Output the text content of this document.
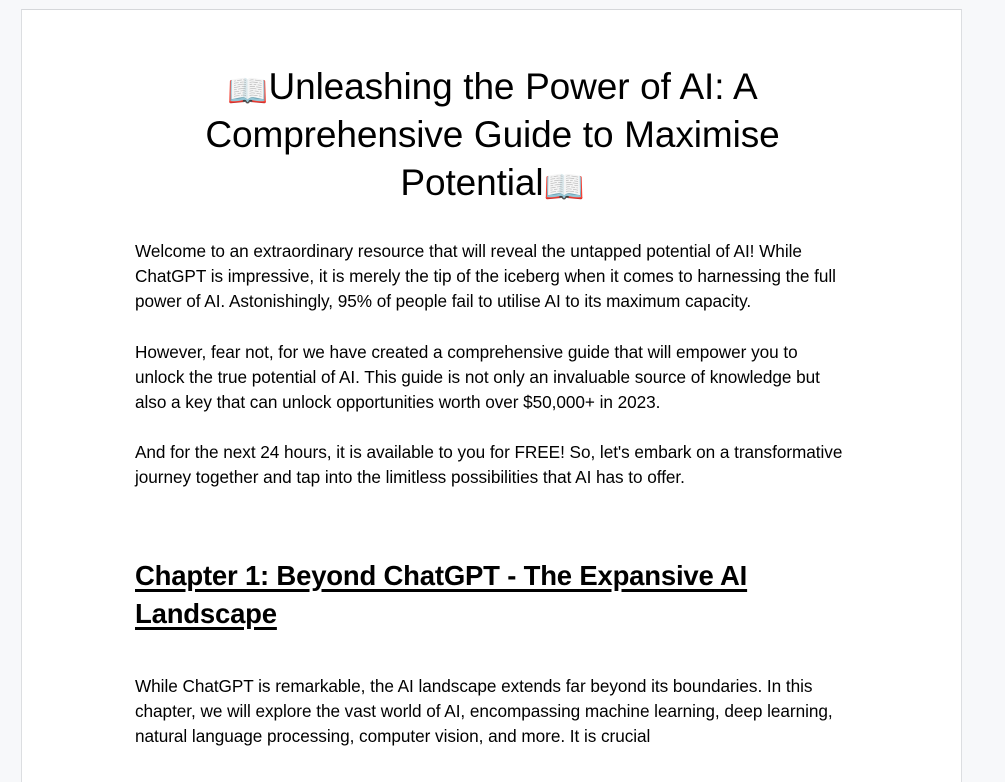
📖Unleashing the Power of AI: A Comprehensive Guide to Maximise Potential📖

Welcome to an extraordinary resource that will reveal the untapped potential of AI! While ChatGPT is impressive, it is merely the tip of the iceberg when it comes to harnessing the full power of AI. Astonishingly, 95% of people fail to utilise AI to its maximum capacity.

However, fear not, for we have created a comprehensive guide that will empower you to unlock the true potential of AI. This guide is not only an invaluable source of knowledge but also a key that can unlock opportunities worth over $50,000+ in 2023.

And for the next 24 hours, it is available to you for FREE! So, let's embark on a transformative journey together and tap into the limitless possibilities that AI has to offer.

Chapter 1: Beyond ChatGPT - The Expansive AI Landscape

While ChatGPT is remarkable, the AI landscape extends far beyond its boundaries. In this chapter, we will explore the vast world of AI, encompassing machine learning, deep learning, natural language processing, computer vision, and more. It is crucial
